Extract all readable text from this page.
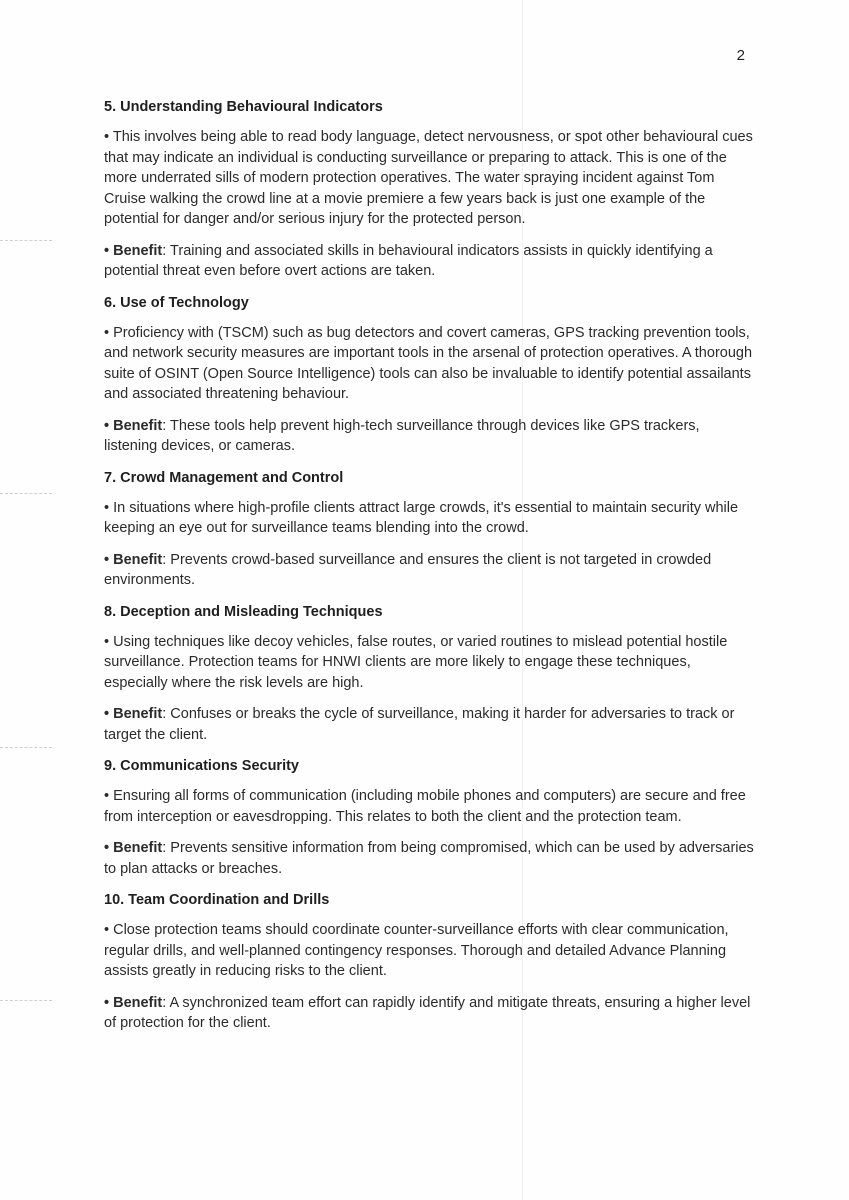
2

5. Understanding Behavioural Indicators

• This involves being able to read body language, detect nervousness, or spot other behavioural cues that may indicate an individual is conducting surveillance or preparing to attack. This is one of the more underrated sills of modern protection operatives. The water spraying incident against Tom Cruise walking the crowd line at a movie premiere a few years back is just one example of the potential for danger and/or serious injury for the protected person.

• Benefit: Training and associated skills in behavioural indicators assists in quickly identifying a potential threat even before overt actions are taken.

6. Use of Technology

• Proficiency with (TSCM) such as bug detectors and covert cameras, GPS tracking prevention tools, and network security measures are important tools in the arsenal of protection operatives. A thorough suite of OSINT (Open Source Intelligence) tools can also be invaluable to identify potential assailants and associated threatening behaviour.

• Benefit: These tools help prevent high-tech surveillance through devices like GPS trackers, listening devices, or cameras.

7. Crowd Management and Control

• In situations where high-profile clients attract large crowds, it's essential to maintain security while keeping an eye out for surveillance teams blending into the crowd.

• Benefit: Prevents crowd-based surveillance and ensures the client is not targeted in crowded environments.

8. Deception and Misleading Techniques

• Using techniques like decoy vehicles, false routes, or varied routines to mislead potential hostile surveillance. Protection teams for HNWI clients are more likely to engage these techniques, especially where the risk levels are high.

• Benefit: Confuses or breaks the cycle of surveillance, making it harder for adversaries to track or target the client.

9. Communications Security

• Ensuring all forms of communication (including mobile phones and computers) are secure and free from interception or eavesdropping. This relates to both the client and the protection team.

• Benefit: Prevents sensitive information from being compromised, which can be used by adversaries to plan attacks or breaches.

10. Team Coordination and Drills

• Close protection teams should coordinate counter-surveillance efforts with clear communication, regular drills, and well-planned contingency responses. Thorough and detailed Advance Planning assists greatly in reducing risks to the client.

• Benefit: A synchronized team effort can rapidly identify and mitigate threats, ensuring a higher level of protection for the client.
